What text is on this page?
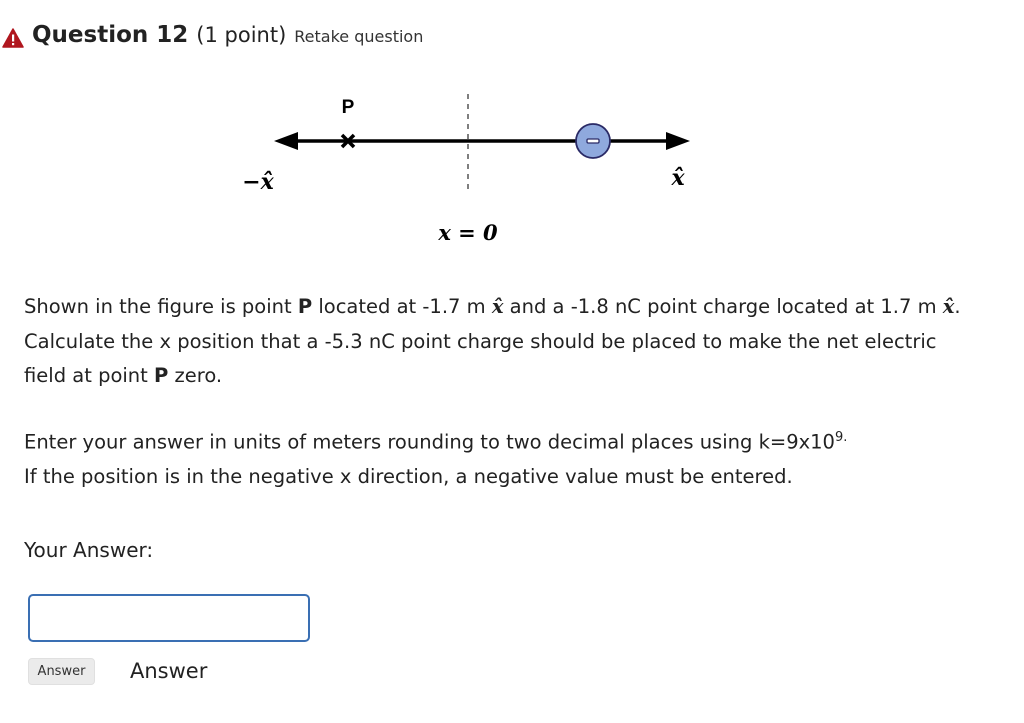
Question 12 (1 point) Retake question
P
−x̂	x̂
x = 0

Shown in the figure is point P located at -1.7 m x̂ and a -1.8 nC point charge located at 1.7 m x̂. Calculate the x position that a -5.3 nC point charge should be placed to make the net electric field at point P zero.

Enter your answer in units of meters rounding to two decimal places using $k=9x10^{9.}$

If the position is in the negative x direction, a negative value must be entered.

Your Answer:
Answer	Answer
